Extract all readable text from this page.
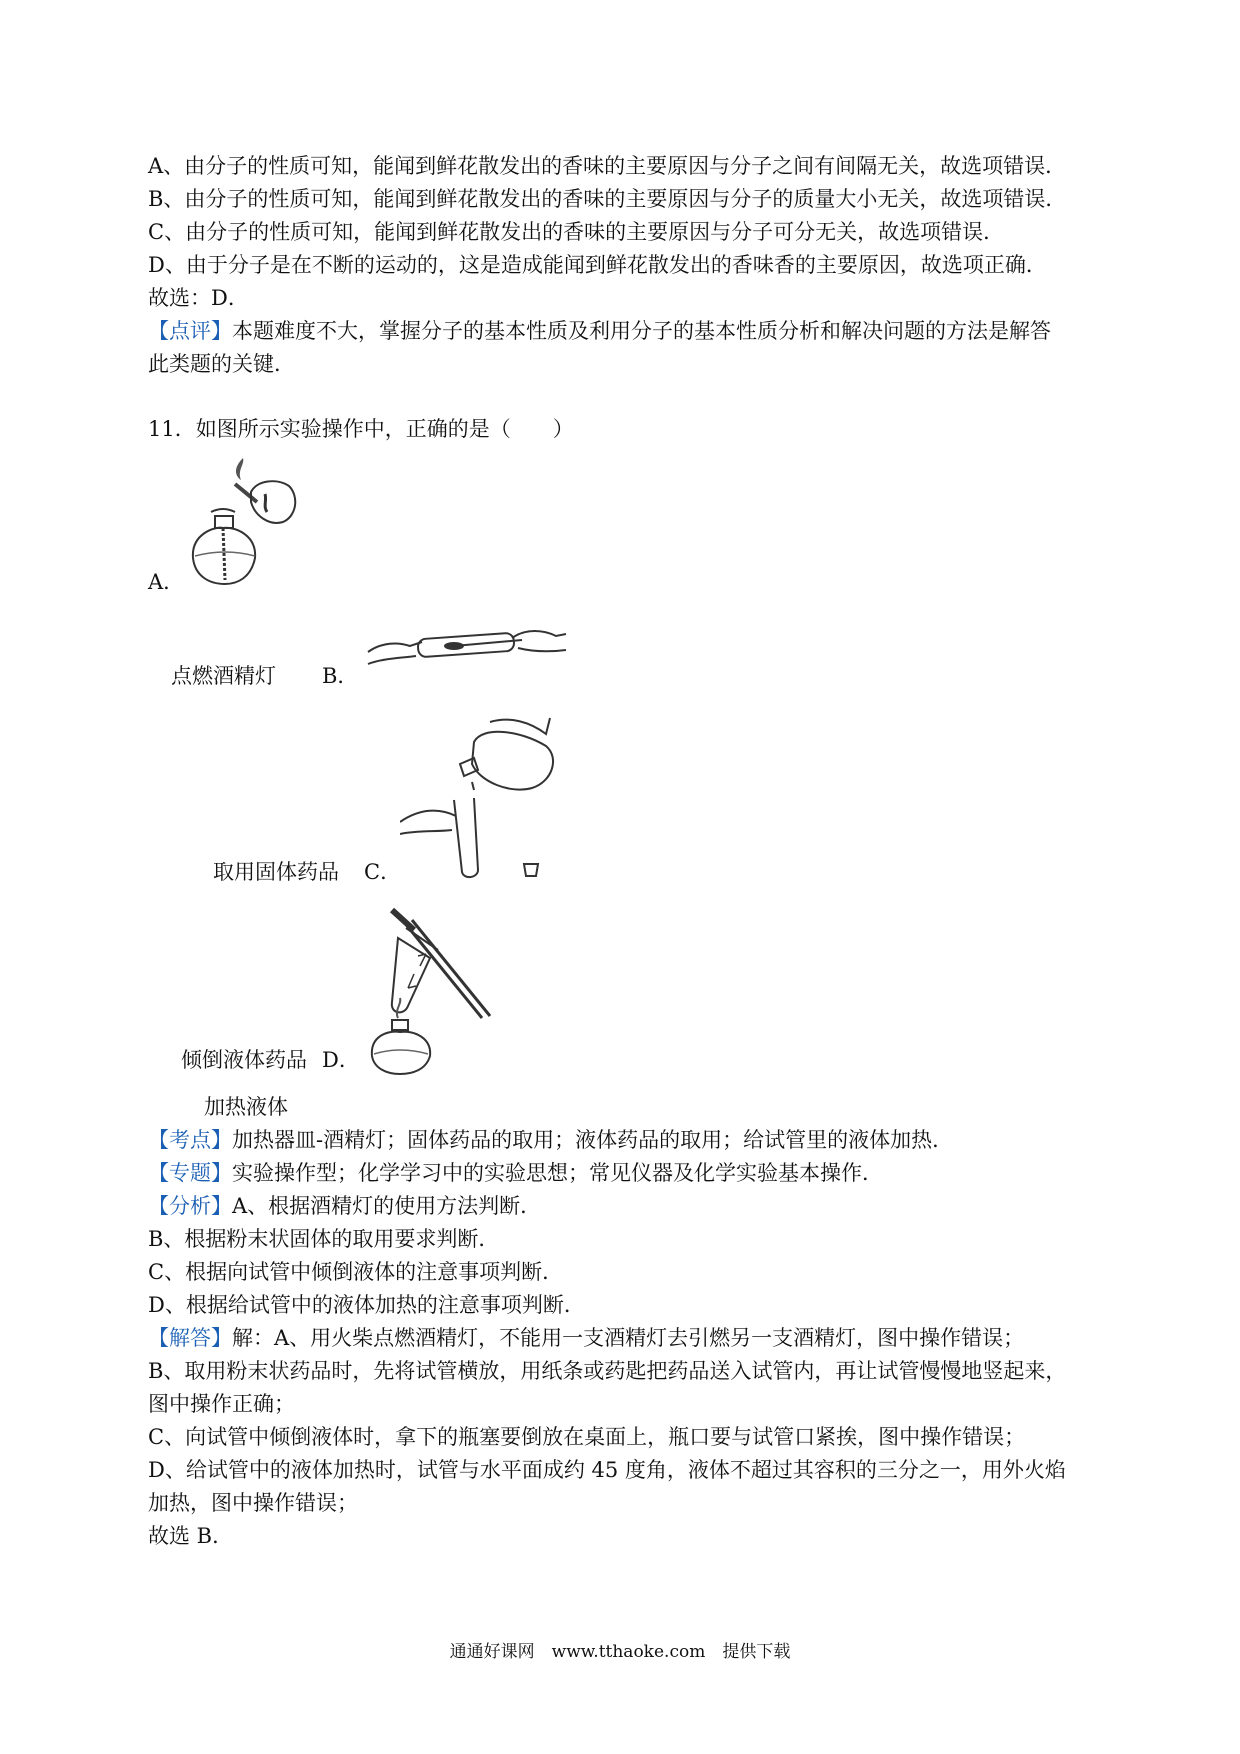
A、由分子的性质可知，能闻到鲜花散发出的香味的主要原因与分子之间有间隔无关，故选项错误．
B、由分子的性质可知，能闻到鲜花散发出的香味的主要原因与分子的质量大小无关，故选项错误．
C、由分子的性质可知，能闻到鲜花散发出的香味的主要原因与分子可分无关，故选项错误．
D、由于分子是在不断的运动的，这是造成能闻到鲜花散发出的香味香的主要原因，故选项正确．
故选：D．
【点评】本题难度不大，掌握分子的基本性质及利用分子的基本性质分析和解决问题的方法是解答
此类题的关键．
11．如图所示实验操作中，正确的是（　　）
A．
点燃酒精灯 B．
取用固体药品 C．
倾倒液体药品 D．
加热液体
【考点】加热器皿-酒精灯；固体药品的取用；液体药品的取用；给试管里的液体加热．
【专题】实验操作型；化学学习中的实验思想；常见仪器及化学实验基本操作．
【分析】A、根据酒精灯的使用方法判断．
B、根据粉末状固体的取用要求判断．
C、根据向试管中倾倒液体的注意事项判断．
D、根据给试管中的液体加热的注意事项判断．
【解答】解：A、用火柴点燃酒精灯，不能用一支酒精灯去引燃另一支酒精灯，图中操作错误；
B、取用粉末状药品时，先将试管横放，用纸条或药匙把药品送入试管内，再让试管慢慢地竖起来，
图中操作正确；
C、向试管中倾倒液体时，拿下的瓶塞要倒放在桌面上，瓶口要与试管口紧挨，图中操作错误；
D、给试管中的液体加热时，试管与水平面成约 45 度角，液体不超过其容积的三分之一，用外火焰
加热，图中操作错误；
故选 B．
通通好课网　www.tthaoke.com　提供下载
